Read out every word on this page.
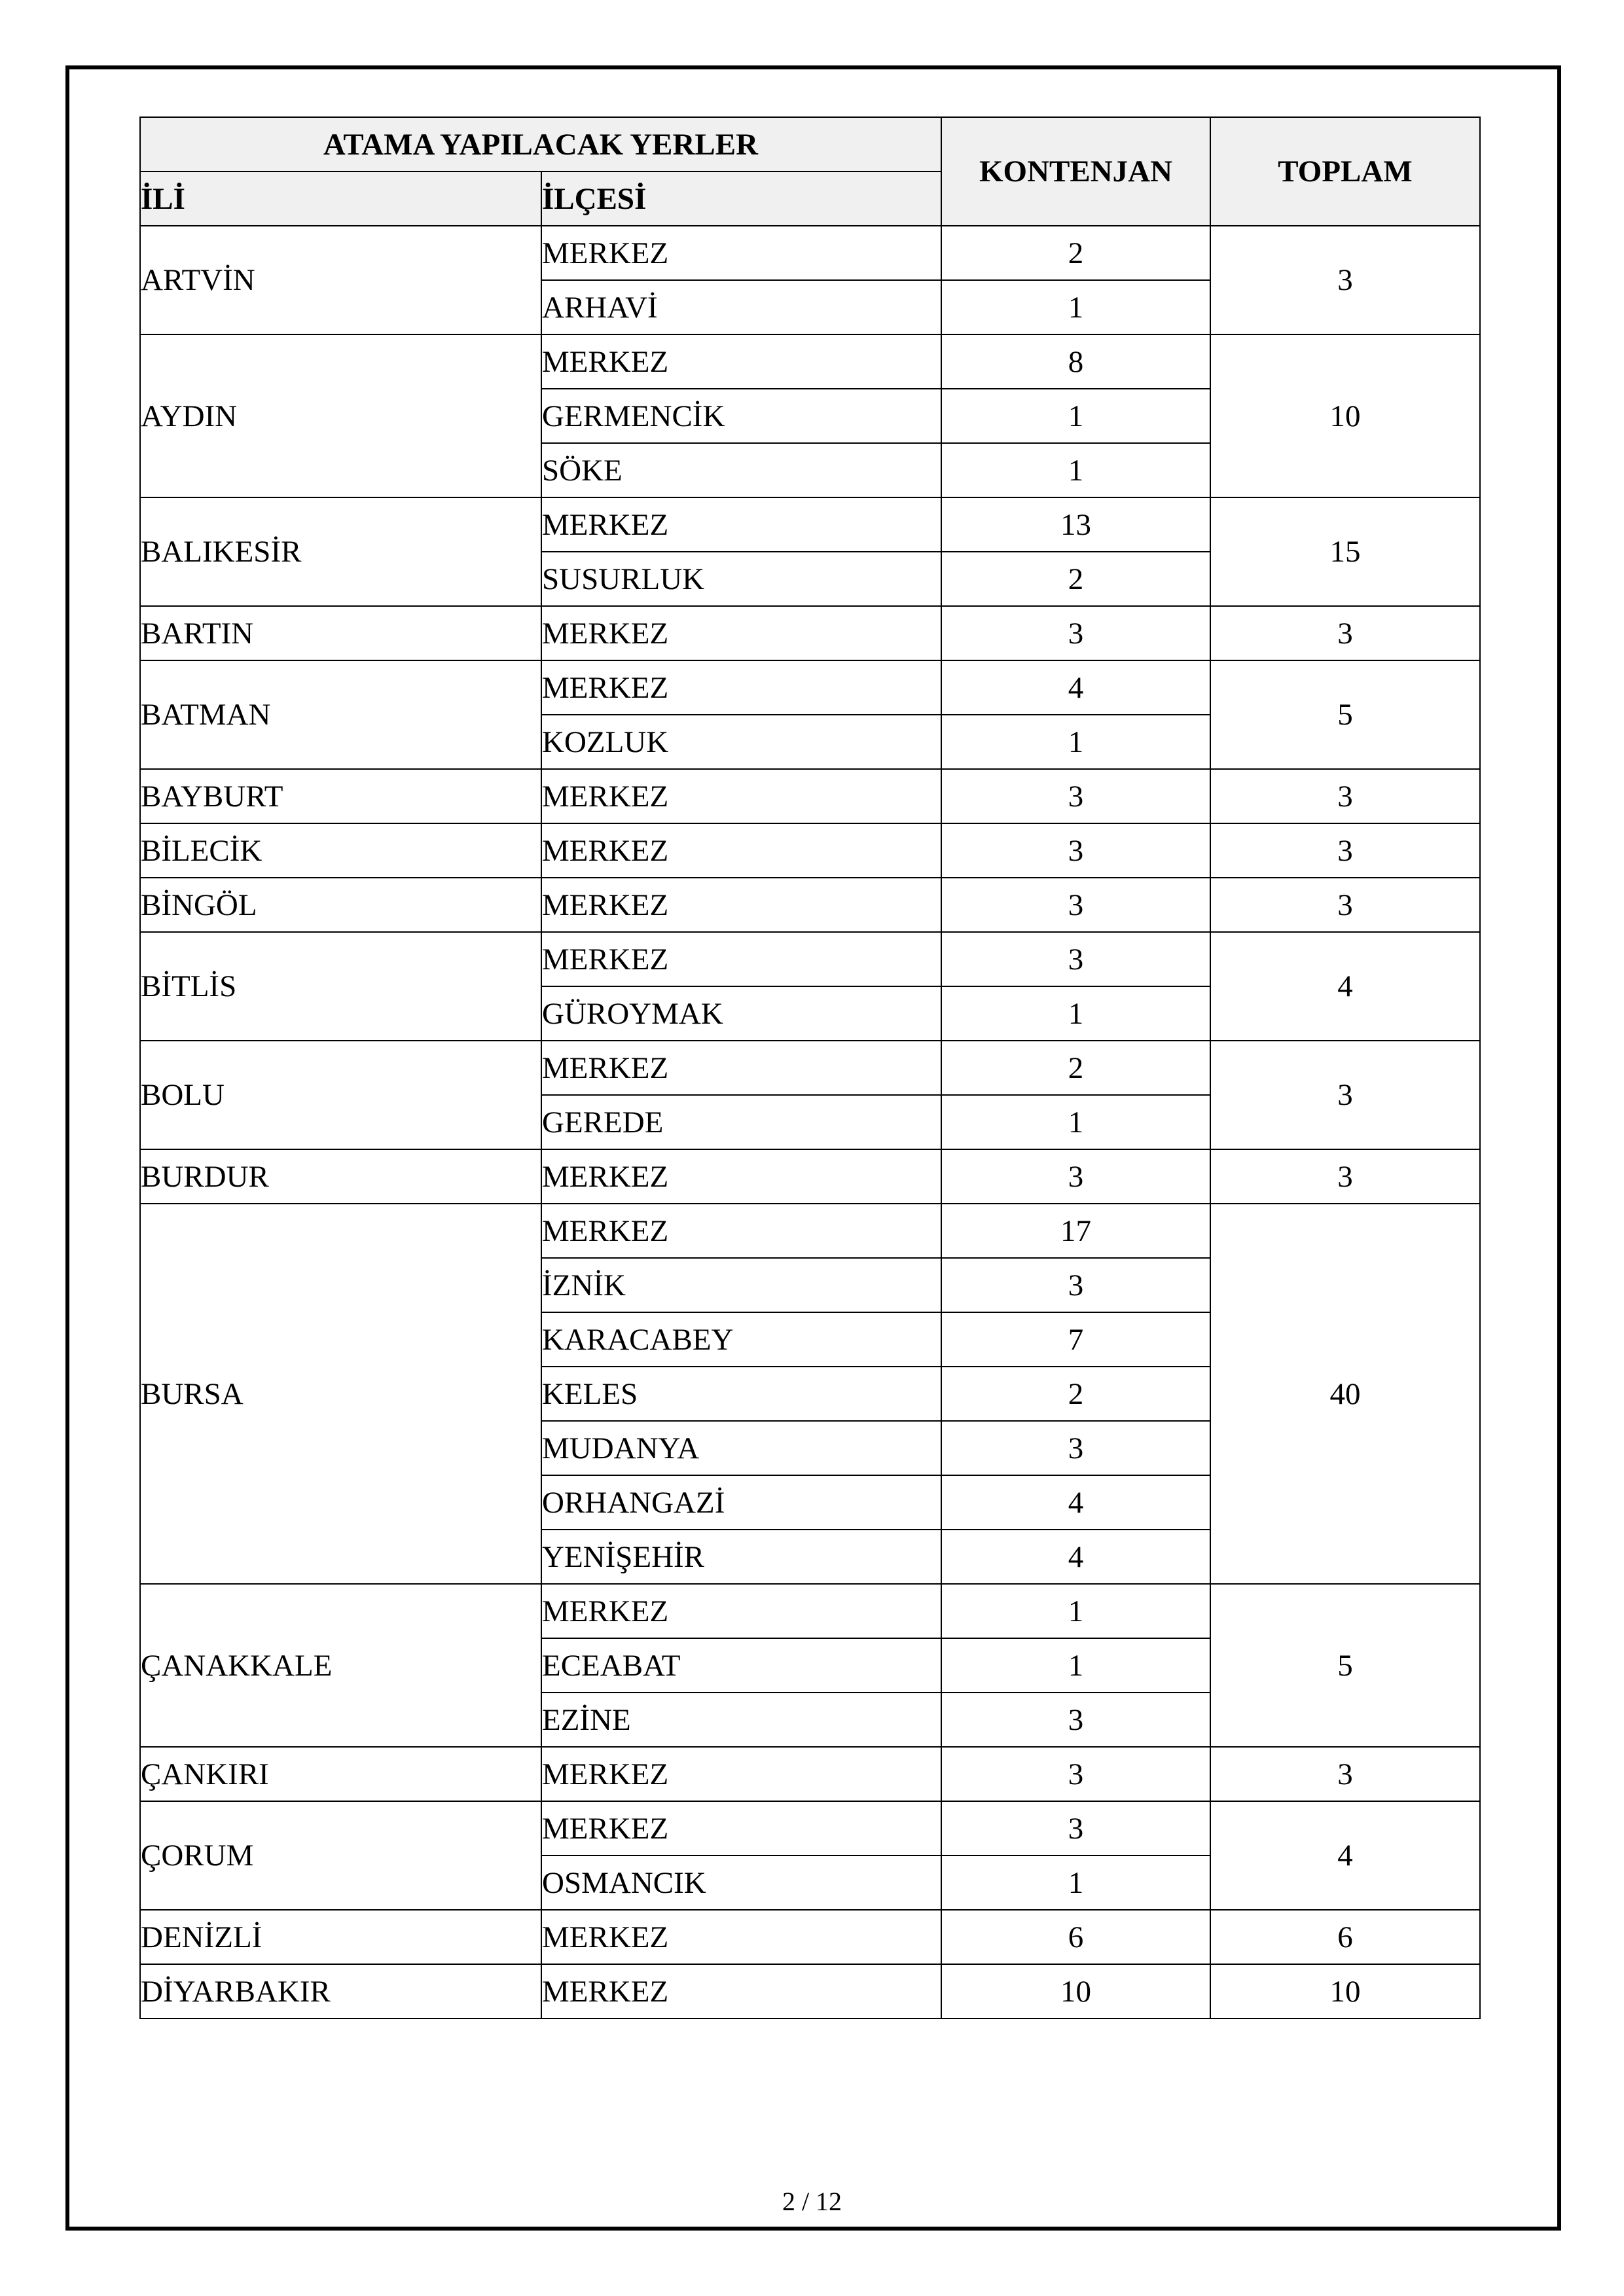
ATAMA YAPILACAK YERLER		KONTENJAN	TOPLAM
İLİ	İLÇESİ		
ARTVİN	MERKEZ	2	3
	ARHAVİ	1	
AYDIN	MERKEZ	8	10
	GERMENCİK	1	
	SÖKE	1	
BALIKESİR	MERKEZ	13	15
	SUSURLUK	2	
BARTIN	MERKEZ	3	3
BATMAN	MERKEZ	4	5
	KOZLUK	1	
BAYBURT	MERKEZ	3	3
BİLECİK	MERKEZ	3	3
BİNGÖL	MERKEZ	3	3
BİTLİS	MERKEZ	3	4
	GÜROYMAK	1	
BOLU	MERKEZ	2	3
	GEREDE	1	
BURDUR	MERKEZ	3	3
BURSA	MERKEZ	17	40
	İZNİK	3	
	KARACABEY	7	
	KELES	2	
	MUDANYA	3	
	ORHANGAZİ	4	
	YENİŞEHİR	4	
ÇANAKKALE	MERKEZ	1	5
	ECEABAT	1	
	EZİNE	3	
ÇANKIRI	MERKEZ	3	3
ÇORUM	MERKEZ	3	4
	OSMANCIK	1	
DENİZLİ	MERKEZ	6	6
DİYARBAKIR	MERKEZ	10	10
2 / 12
